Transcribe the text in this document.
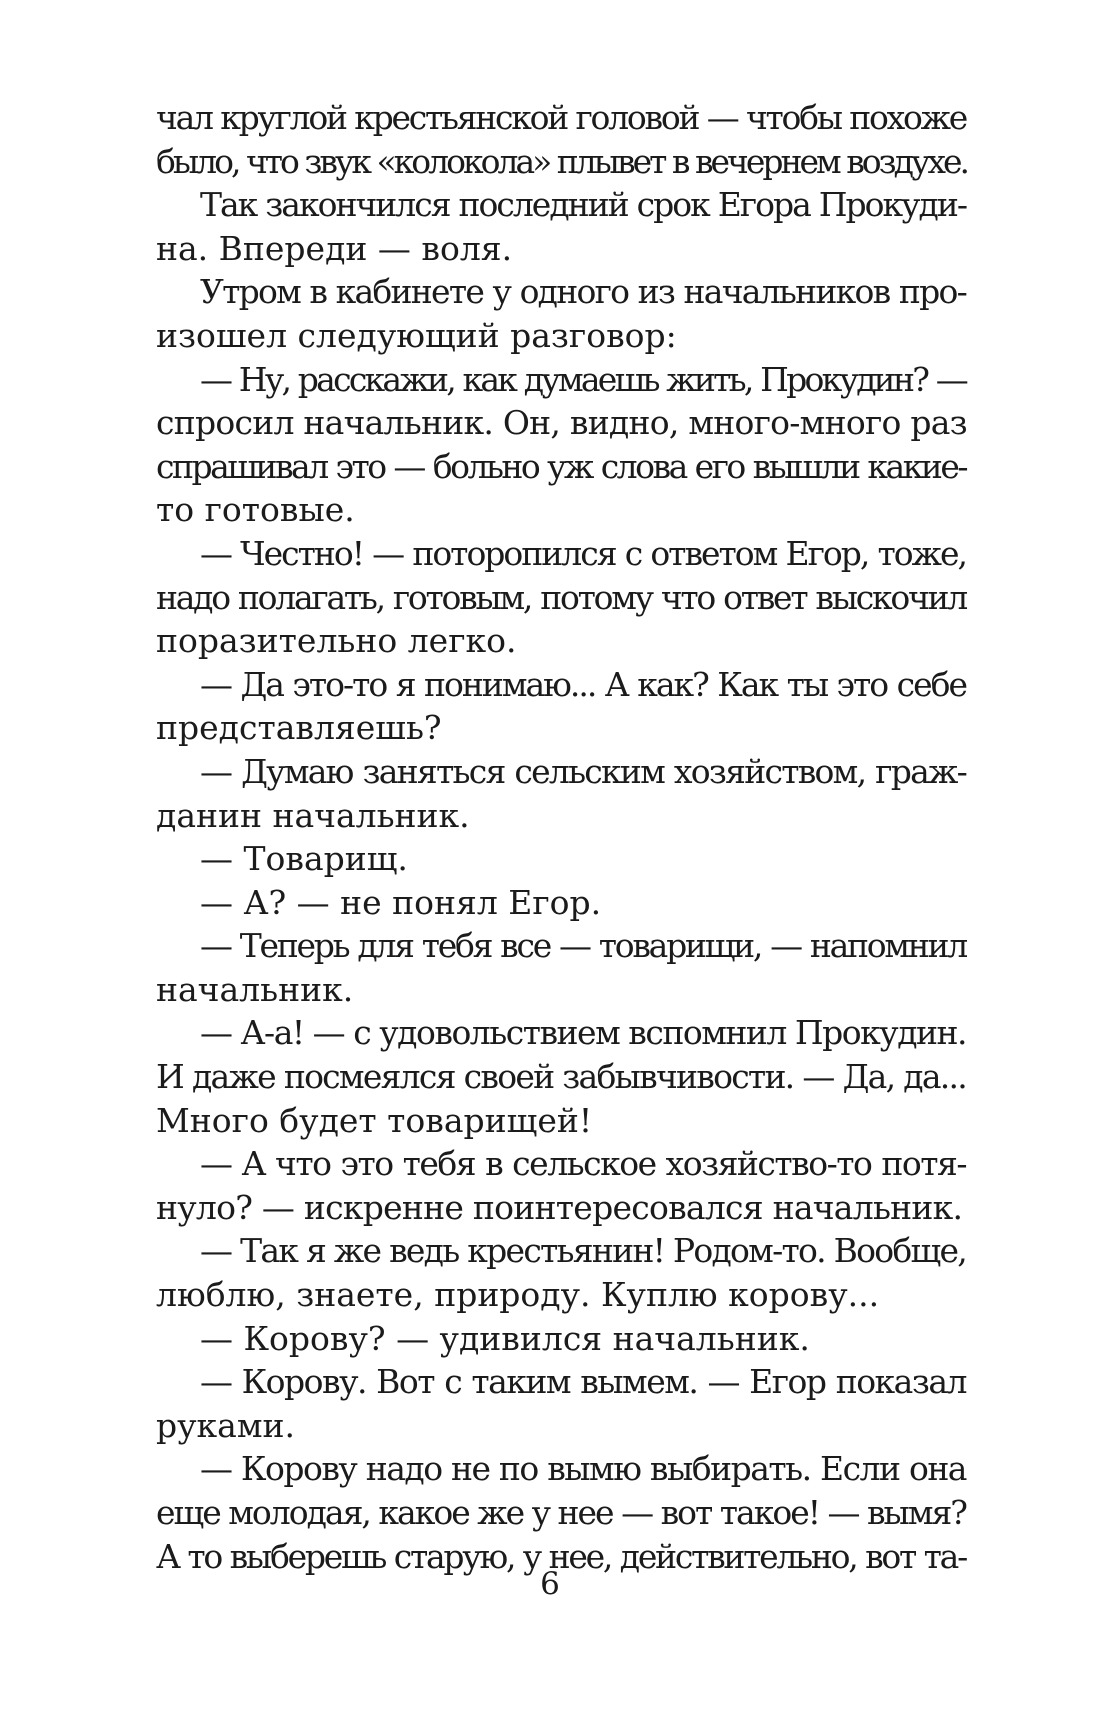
чал круглой крестьянской головой — чтобы похоже
было, что звук «колокола» плывет в вечернем воздухе.
Так закончился последний срок Егора Прокуди-
на. Впереди — воля.
Утром в кабинете у одного из начальников про-
изошел следующий разговор:
— Ну, расскажи, как думаешь жить, Прокудин? —
спросил начальник. Он, видно, много-много раз
спрашивал это — больно уж слова его вышли какие-
то готовые.
— Честно! — поторопился с ответом Егор, тоже,
надо полагать, готовым, потому что ответ выскочил
поразительно легко.
— Да это-то я понимаю... А как? Как ты это себе
представляешь?
— Думаю заняться сельским хозяйством, граж-
данин начальник.
— Товарищ.
— А? — не понял Егор.
— Теперь для тебя все — товарищи, — напомнил
начальник.
— А-а! — с удовольствием вспомнил Прокудин.
И даже посмеялся своей забывчивости. — Да, да...
Много будет товарищей!
— А что это тебя в сельское хозяйство-то потя-
нуло? — искренне поинтересовался начальник.
— Так я же ведь крестьянин! Родом-то. Вообще,
люблю, знаете, природу. Куплю корову...
— Корову? — удивился начальник.
— Корову. Вот с таким вымем. — Егор показал
руками.
— Корову надо не по вымю выбирать. Если она
еще молодая, какое же у нее — вот такое! — вымя?
А то выберешь старую, у нее, действительно, вот та-
6
